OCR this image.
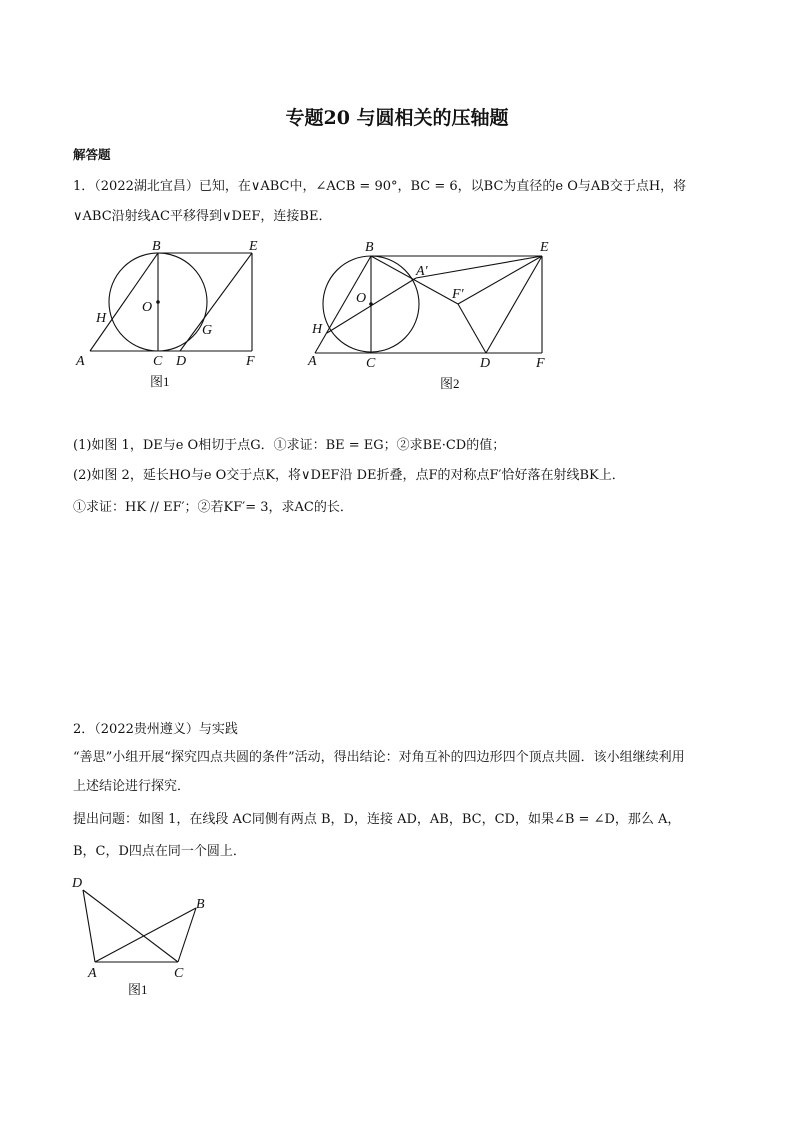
专题20 与圆相关的压轴题
解答题
1．（2022湖北宜昌）已知，在∨ABC中，∠ACB = 90°，BC = 6，以BC为直径的e O与AB交于点H，将
∨ABC沿射线AC平移得到∨DEF，连接BE．
B	E
O
H
G
A	C D	F
图1
B	E
A′
F′
O
H
A	C	D	F
图2
(1)如图 1，DE与e O相切于点G．①求证：BE = EG；②求BE·CD的值；
(2)如图 2，延长HO与e O交于点K，将∨DEF沿 DE折叠，点F的对称点F′恰好落在射线BK上．
①求证：HK // EF′；②若KF′= 3，求AC的长．
2．（2022贵州遵义）与实践
“善思”小组开展“探究四点共圆的条件”活动，得出结论：对角互补的四边形四个顶点共圆．该小组继续利用
上述结论进行探究．
提出问题：如图 1，在线段 AC同侧有两点 B，D，连接 AD，AB，BC，CD，如果∠B = ∠D，那么 A，
B，C，D四点在同一个圆上．
D
B
A	C
图1
